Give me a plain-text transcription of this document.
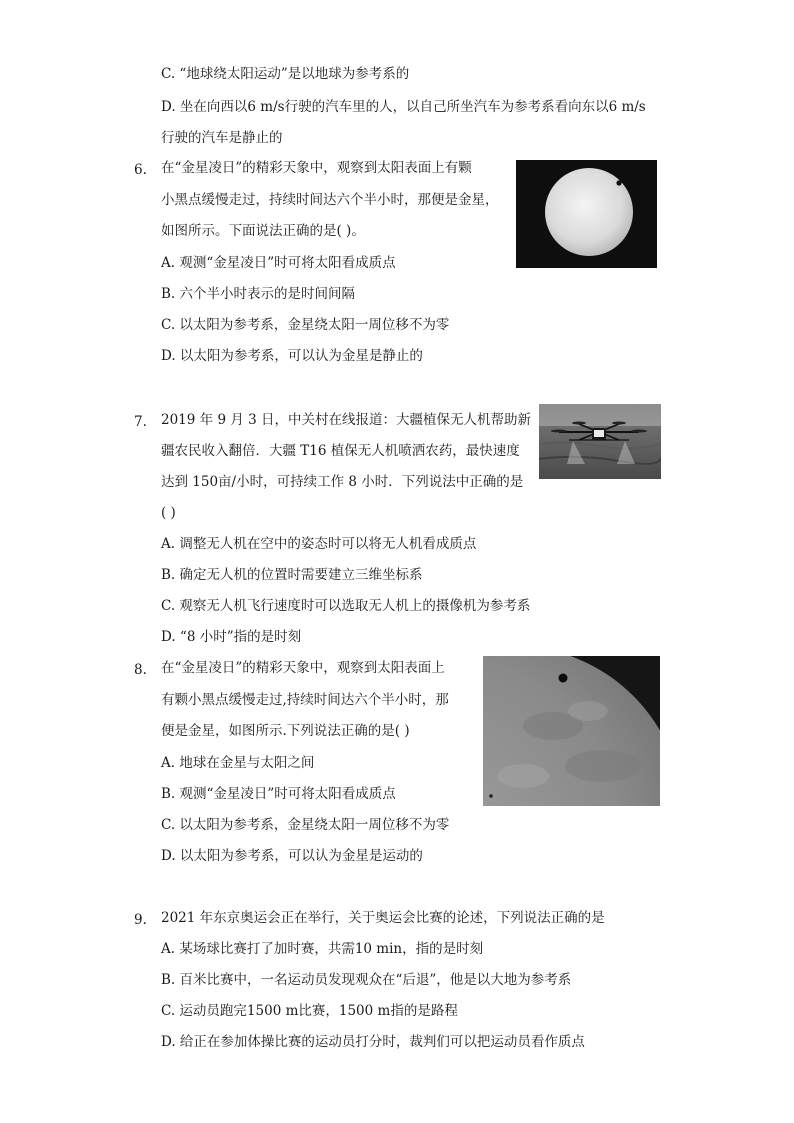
C. “地球绕太阳运动”是以地球为参考系的
D. 坐在向西以6 m/s行驶的汽车里的人，以自己所坐汽车为参考系看向东以6 m/s
行驶的汽车是静止的
6. 在“金星凌日”的精彩天象中，观察到太阳表面上有颗
小黑点缓慢走过，持续时间达六个半小时，那便是金星，
如图所示。下面说法正确的是( )。
A. 观测“金星凌日”时可将太阳看成质点
B. 六个半小时表示的是时间间隔
C. 以太阳为参考系，金星绕太阳一周位移不为零
D. 以太阳为参考系，可以认为金星是静止的
7. 2019 年 9 月 3 日，中关村在线报道：大疆植保无人机帮助新
疆农民收入翻倍．大疆 T16 植保无人机喷洒农药，最快速度
达到 150亩/小时，可持续工作 8 小时．下列说法中正确的是
( )
A. 调整无人机在空中的姿态时可以将无人机看成质点
B. 确定无人机的位置时需要建立三维坐标系
C. 观察无人机飞行速度时可以选取无人机上的摄像机为参考系
D. “8 小时”指的是时刻
8. 在“金星凌日”的精彩天象中，观察到太阳表面上
有颗小黑点缓慢走过,持续时间达六个半小时，那
便是金星，如图所示.下列说法正确的是( )
A. 地球在金星与太阳之间
B. 观测“金星凌日”时可将太阳看成质点
C. 以太阳为参考系，金星绕太阳一周位移不为零
D. 以太阳为参考系，可以认为金星是运动的
9. 2021 年东京奥运会正在举行，关于奥运会比赛的论述，下列说法正确的是
A. 某场球比赛打了加时赛，共需10 min，指的是时刻
B. 百米比赛中，一名运动员发现观众在“后退”，他是以大地为参考系
C. 运动员跑完1500 m比赛，1500 m指的是路程
D. 给正在参加体操比赛的运动员打分时，裁判们可以把运动员看作质点
